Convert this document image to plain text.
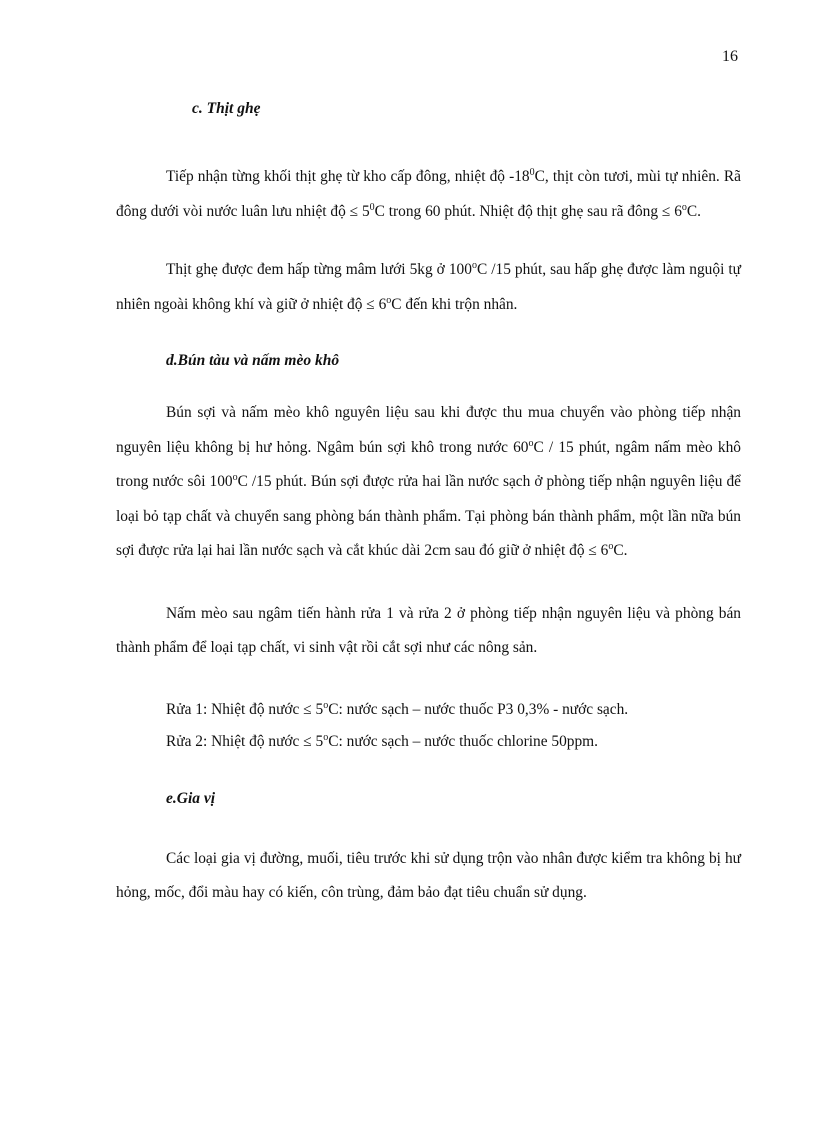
16
c. Thịt ghẹ

Tiếp nhận từng khối thịt ghẹ từ kho cấp đông, nhiệt độ $-18^0C$, thịt còn tươi, mùi tự nhiên. Rã đông dưới vòi nước luân lưu nhiệt độ ≤ $5^0C$ trong 60 phút. Nhiệt độ thịt ghẹ sau rã đông ≤ $6^oC$.

Thịt ghẹ được đem hấp từng mâm lưới 5kg ở 100$^o$C /15 phút, sau hấp ghẹ được làm nguội tự nhiên ngoài không khí và giữ ở nhiệt độ ≤ $6^oC$ đến khi trộn nhân.

d.Bún tàu và nấm mèo khô

Bún sợi và nấm mèo khô nguyên liệu sau khi được thu mua chuyển vào phòng tiếp nhận nguyên liệu không bị hư hỏng. Ngâm bún sợi khô trong nước 60$^o$C / 15 phút, ngâm nấm mèo khô trong nước sôi 100$^o$C /15 phút. Bún sợi được rửa hai lần nước sạch ở phòng tiếp nhận nguyên liệu để loại bỏ tạp chất và chuyển sang phòng bán thành phẩm. Tại phòng bán thành phẩm, một lần nữa bún sợi được rửa lại hai lần nước sạch và cắt khúc dài 2cm sau đó giữ ở nhiệt độ ≤ $6^oC$.

Nấm mèo sau ngâm tiến hành rửa 1 và rửa 2 ở phòng tiếp nhận nguyên liệu và phòng bán thành phẩm để loại tạp chất, vi sinh vật rồi cắt sợi như các nông sản.

Rửa 1: Nhiệt độ nước ≤ $5^oC$: nước sạch – nước thuốc P3 0,3% - nước sạch.

Rửa 2: Nhiệt độ nước ≤ $5^oC$: nước sạch – nước thuốc chlorine 50ppm.

e.Gia vị

Các loại gia vị đường, muối, tiêu trước khi sử dụng trộn vào nhân được kiểm tra không bị hư hỏng, mốc, đổi màu hay có kiến, côn trùng, đảm bảo đạt tiêu chuẩn sử dụng.
